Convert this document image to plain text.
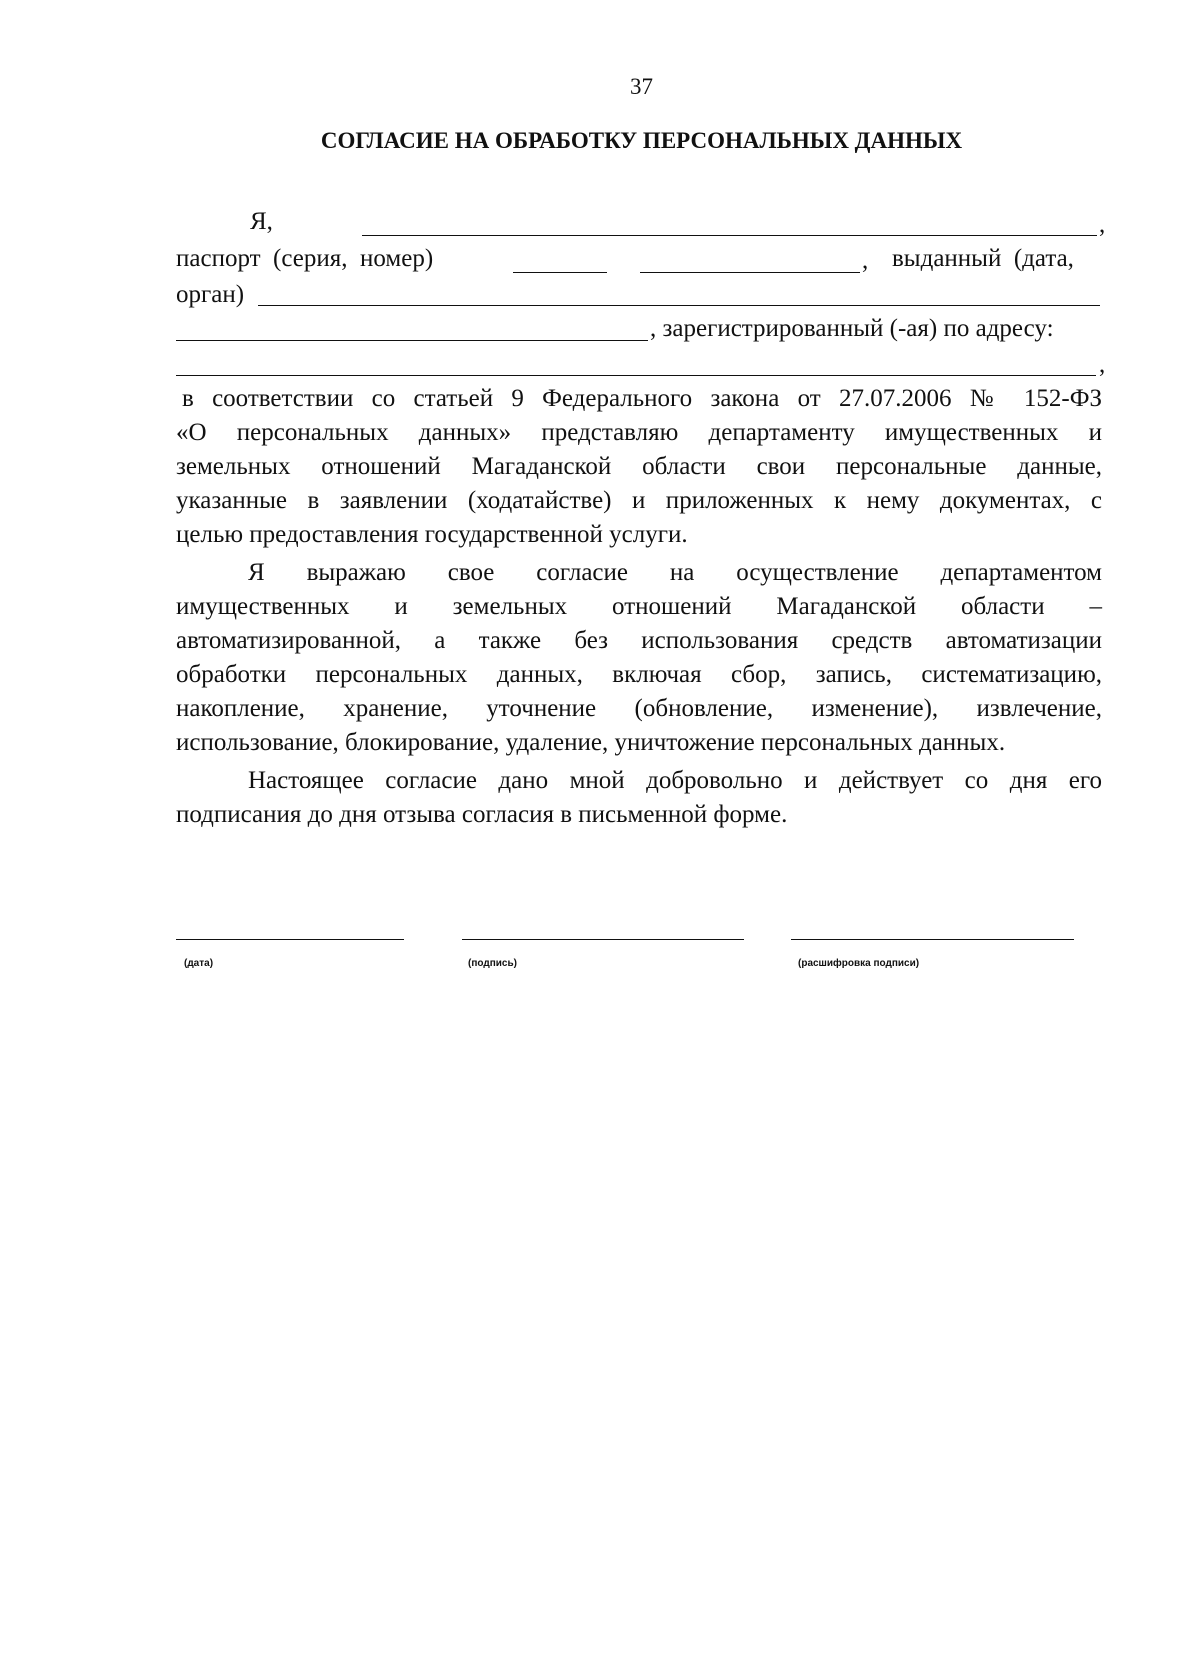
37
СОГЛАСИЕ НА ОБРАБОТКУ ПЕРСОНАЛЬНЫХ ДАННЫХ
Я,	,
паспорт  (серия,  номер)	, выданный  (дата,
орган)
, зарегистрированный (-ая) по адресу:
,
в соответствии со статьей 9 Федерального закона от 27.07.2006 № 152-ФЗ
«О персональных данных» представляю департаменту имущественных и
земельных отношений Магаданской области свои персональные данные,
указанные в заявлении (ходатайстве) и приложенных к нему документах, с
целью предоставления государственной услуги.
Я выражаю свое согласие на осуществление департаментом
имущественных и земельных отношений Магаданской области –
автоматизированной, а также без использования средств автоматизации
обработки персональных данных, включая сбор, запись, систематизацию,
накопление, хранение, уточнение (обновление, изменение), извлечение,
использование, блокирование, удаление, уничтожение персональных данных.
Настоящее согласие дано мной добровольно и действует со дня его
подписания до дня отзыва согласия в письменной форме.
(дата)	(подпись)	(расшифровка подписи)
